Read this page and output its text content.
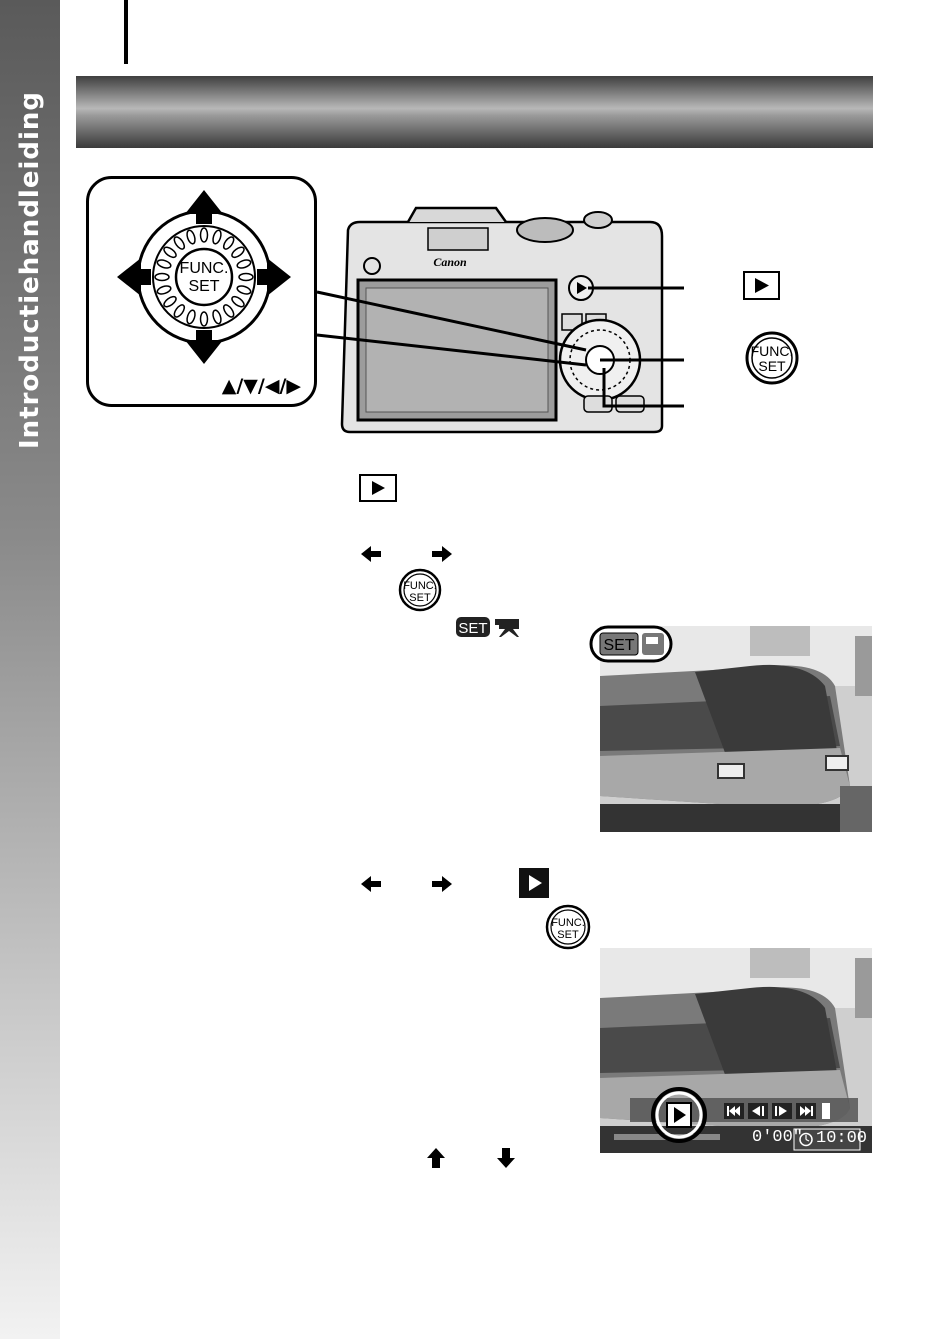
Introductiehandleiding	FUNC.
SET
▲/▼/◀/▶
Canon
FUNC.
SET
FUNC.
SET
SET
SET
FUNC.
SET
0'00" 10:00
